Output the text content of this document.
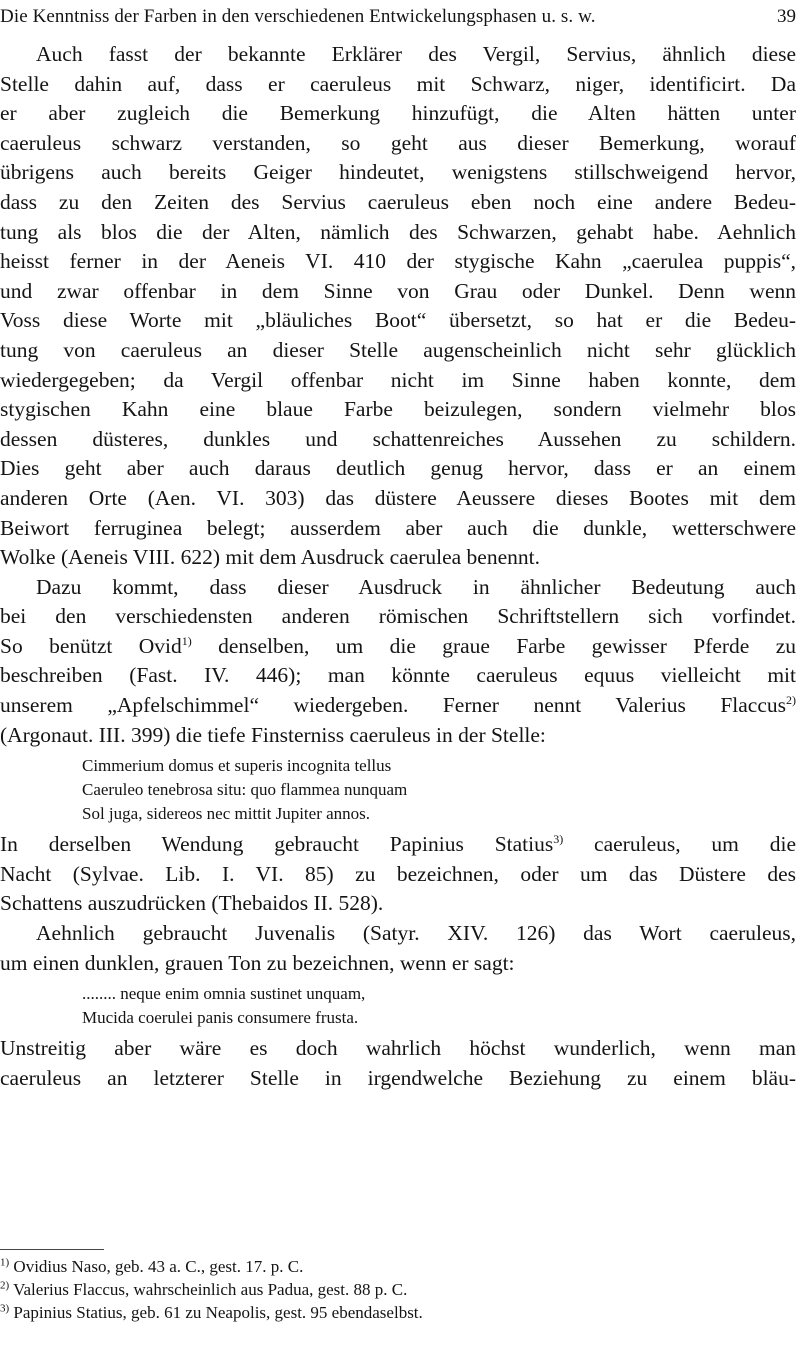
Die Kenntniss der Farben in den verschiedenen Entwickelungsphasen u. s. w.	39
Auch fasst der bekannte Erklärer des Vergil, Servius, ähnlich diese
Stelle dahin auf, dass er caeruleus mit Schwarz, niger, identificirt. Da
er aber zugleich die Bemerkung hinzufügt, die Alten hätten unter
caeruleus schwarz verstanden, so geht aus dieser Bemerkung, worauf
übrigens auch bereits Geiger hindeutet, wenigstens stillschweigend hervor,
dass zu den Zeiten des Servius caeruleus eben noch eine andere Bedeu-
tung als blos die der Alten, nämlich des Schwarzen, gehabt habe. Aehnlich
heisst ferner in der Aeneis VI. 410 der stygische Kahn „caerulea puppis“,
und zwar offenbar in dem Sinne von Grau oder Dunkel. Denn wenn
Voss diese Worte mit „bläuliches Boot“ übersetzt, so hat er die Bedeu-
tung von caeruleus an dieser Stelle augenscheinlich nicht sehr glücklich
wiedergegeben; da Vergil offenbar nicht im Sinne haben konnte, dem
stygischen Kahn eine blaue Farbe beizulegen, sondern vielmehr blos
dessen düsteres, dunkles und schattenreiches Aussehen zu schildern.
Dies geht aber auch daraus deutlich genug hervor, dass er an einem
anderen Orte (Aen. VI. 303) das düstere Aeussere dieses Bootes mit dem
Beiwort ferruginea belegt; ausserdem aber auch die dunkle, wetterschwere
Wolke (Aeneis VIII. 622) mit dem Ausdruck caerulea benennt.
Dazu kommt, dass dieser Ausdruck in ähnlicher Bedeutung auch
bei den verschiedensten anderen römischen Schriftstellern sich vorfindet.
So benützt Ovid$^{1)}$ denselben, um die graue Farbe gewisser Pferde zu
beschreiben (Fast. IV. 446); man könnte caeruleus equus vielleicht mit
unserem „Apfelschimmel“ wiedergeben. Ferner nennt Valerius Flaccus$^{2)}$
(Argonaut. III. 399) die tiefe Finsterniss caeruleus in der Stelle:
Cimmerium domus et superis incognita tellus
Caeruleo tenebrosa situ: quo flammea nunquam
Sol juga, sidereos nec mittit Jupiter annos.
In derselben Wendung gebraucht Papinius Statius$^{3)}$ caeruleus, um die
Nacht (Sylvae. Lib. I. VI. 85) zu bezeichnen, oder um das Düstere des
Schattens auszudrücken (Thebaidos II. 528).
Aehnlich gebraucht Juvenalis (Satyr. XIV. 126) das Wort caeruleus,
um einen dunklen, grauen Ton zu bezeichnen, wenn er sagt:
........ neque enim omnia sustinet unquam,
Mucida coerulei panis consumere frusta.
Unstreitig aber wäre es doch wahrlich höchst wunderlich, wenn man
caeruleus an letzterer Stelle in irgendwelche Beziehung zu einem bläu-
$^{1)}$ Ovidius Naso, geb. 43 a. C., gest. 17. p. C.
$^{2)}$ Valerius Flaccus, wahrscheinlich aus Padua, gest. 88 p. C.
$^{3)}$ Papinius Statius, geb. 61 zu Neapolis, gest. 95 ebendaselbst.
